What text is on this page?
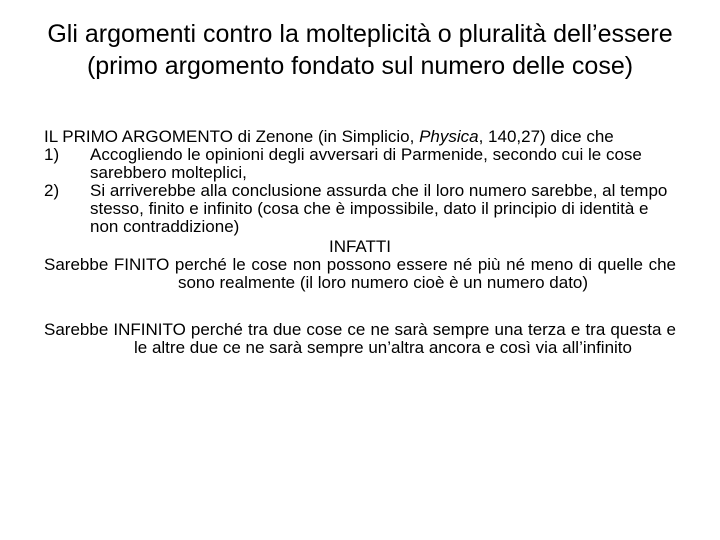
Gli argomenti contro la molteplicità o pluralità dell’essere (primo argomento fondato sul numero delle cose)

IL PRIMO ARGOMENTO di Zenone (in Simplicio, Physica, 140,27) dice che

1)	Accogliendo le opinioni degli avversari di Parmenide, secondo cui le cose sarebbero molteplici,
2)	Si arriverebbe alla conclusione assurda che il loro numero sarebbe, al tempo stesso, finito e infinito (cosa che è impossibile, dato il principio di identità e non contraddizione)

INFATTI

Sarebbe FINITO perché le cose non possono essere né più né meno di quelle che sono realmente (il loro numero cioè è un numero dato)

Sarebbe INFINITO perché tra due cose ce ne sarà sempre una terza e tra questa e le altre due ce ne sarà sempre un’altra ancora e così via all’infinito
